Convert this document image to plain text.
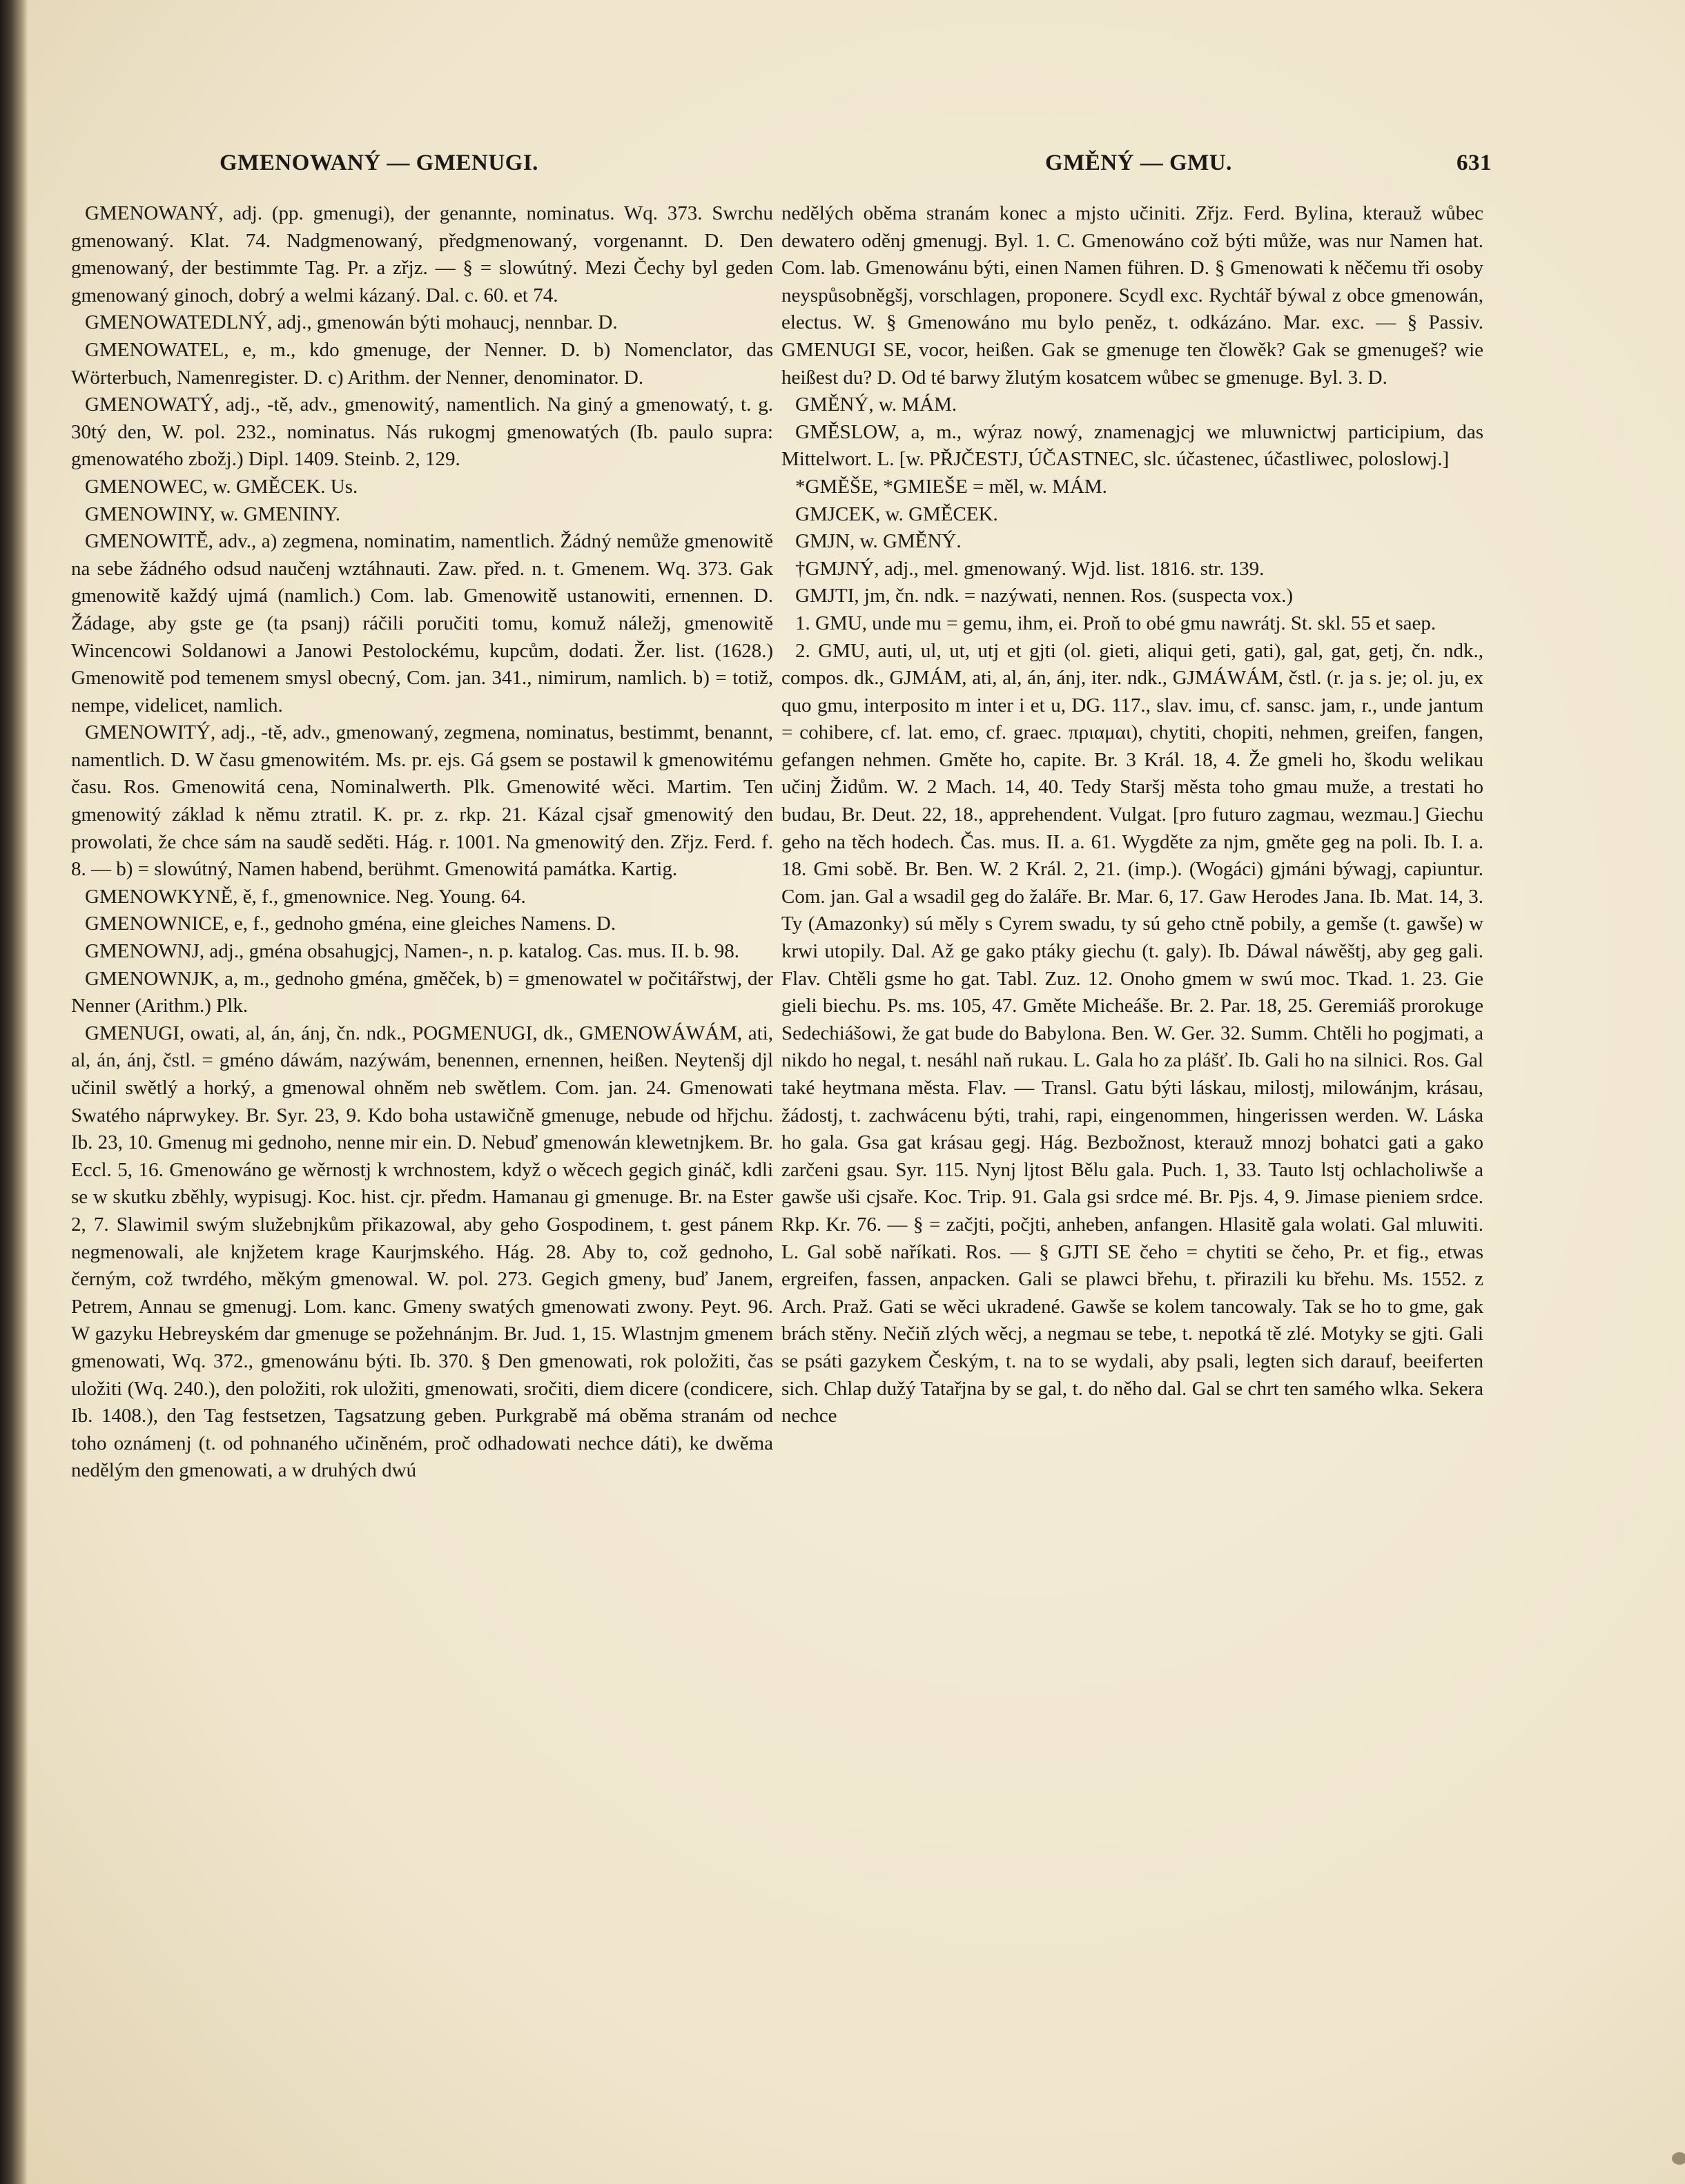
GMENOWANÝ — GMENUGI.	GMĚNÝ — GMU.	631

GMENOWANÝ, adj. (pp. gmenugi), der genannte, nominatus. Wq. 373. Swrchu gmenowaný. Klat. 74. Nadgmenowaný, předgmenowaný, vorgenannt. D. Den gmenowaný, der bestimmte Tag. Pr. a zřjz. — § = slowútný. Mezi Čechy byl geden gmenowaný ginoch, dobrý a welmi kázaný. Dal. c. 60. et 74.

GMENOWATEDLNÝ, adj., gmenowán býti mohaucj, nennbar. D.

GMENOWATEL, e, m., kdo gmenuge, der Nenner. D. b) Nomenclator, das Wörterbuch, Namenregister. D. c) Arithm. der Nenner, denominator. D.

GMENOWATÝ, adj., -tě, adv., gmenowitý, namentlich. Na giný a gmenowatý, t. g. 30tý den, W. pol. 232., nominatus. Nás rukogmj gmenowatých (Ib. paulo supra: gmenowatého zbožj.) Dipl. 1409. Steinb. 2, 129.

GMENOWEC, w. GMĚCEK. Us.

GMENOWINY, w. GMENINY.

GMENOWITĚ, adv., a) zegmena, nominatim, namentlich. Žádný nemůže gmenowitě na sebe žádného odsud naučenj wztáhnauti. Zaw. před. n. t. Gmenem. Wq. 373. Gak gmenowitě každý ujmá (namlich.) Com. lab. Gmenowitě ustanowiti, ernennen. D. Žádage, aby gste ge (ta psanj) ráčili poručiti tomu, komuž náležj, gmenowitě Wincencowi Soldanowi a Janowi Pestolockému, kupcům, dodati. Žer. list. (1628.) Gmenowitě pod temenem smysl obecný, Com. jan. 341., nimirum, namlich. b) = totiž, nempe, videlicet, namlich.

GMENOWITÝ, adj., -tě, adv., gmenowaný, zegmena, nominatus, bestimmt, benannt, namentlich. D. W času gmenowitém. Ms. pr. ejs. Gá gsem se postawil k gmenowitému času. Ros. Gmenowitá cena, Nominalwerth. Plk. Gmenowité wěci. Martim. Ten gmenowitý základ k němu ztratil. K. pr. z. rkp. 21. Kázal cjsař gmenowitý den prowolati, že chce sám na saudě seděti. Hág. r. 1001. Na gmenowitý den. Zřjz. Ferd. f. 8. — b) = slowútný, Namen habend, berühmt. Gmenowitá památka. Kartig.

GMENOWKYNĚ, ě, f., gmenownice. Neg. Young. 64.

GMENOWNICE, e, f., gednoho gména, eine gleiches Namens. D.

GMENOWNJ, adj., gména obsahugjcj, Namen-, n. p. katalog. Cas. mus. II. b. 98.

GMENOWNJK, a, m., gednoho gména, gměček, b) = gmenowatel w počitářstwj, der Nenner (Arithm.) Plk.

GMENUGI, owati, al, án, ánj, čn. ndk., POGMENUGI, dk., GMENOWÁWÁM, ati, al, án, ánj, čstl. = gméno dáwám, nazýwám, benennen, ernennen, heißen. Neytenšj djl učinil swětlý a horký, a gmenowal ohněm neb swětlem. Com. jan. 24. Gmenowati Swatého náprwykey. Br. Syr. 23, 9. Kdo boha ustawičně gmenuge, nebude od hřjchu. Ib. 23, 10. Gmenug mi gednoho, nenne mir ein. D. Nebuď gmenowán klewetnjkem. Br. Eccl. 5, 16. Gmenowáno ge wěrnostj k wrchnostem, když o wěcech gegich gináč, kdli se w skutku zběhly, wypisugj. Koc. hist. cjr. předm. Hamanau gi gmenuge. Br. na Ester 2, 7. Slawimil swým služebnjkům přikazowal, aby geho Gospodinem, t. gest pánem negmenowali, ale knjžetem krage Kaurjmského. Hág. 28. Aby to, což gednoho, černým, což twrdého, měkým gmenowal. W. pol. 273. Gegich gmeny, buď Janem, Petrem, Annau se gmenugj. Lom. kanc. Gmeny swatých gmenowati zwony. Peyt. 96. W gazyku Hebreyském dar gmenuge se požehnánjm. Br. Jud. 1, 15. Wlastnjm gmenem gmenowati, Wq. 372., gmenowánu býti. Ib. 370. § Den gmenowati, rok položiti, čas uložiti (Wq. 240.), den položiti, rok uložiti, gmenowati, sročiti, diem dicere (condicere, Ib. 1408.), den Tag festsetzen, Tagsatzung geben. Purkgrabě má oběma stranám od toho oznámenj (t. od pohnaného učiněném, proč odhadowati nechce dáti), ke dwěma nedělým den gmenowati, a w druhých dwú

nedělých oběma stranám konec a mjsto učiniti. Zřjz. Ferd. Bylina, kterauž wůbec dewatero oděnj gmenugj. Byl. 1. C. Gmenowáno což býti může, was nur Namen hat. Com. lab. Gmenowánu býti, einen Namen führen. D. § Gmenowati k něčemu tři osoby neyspůsobněgšj, vorschlagen, proponere. Scydl exc. Rychtář býwal z obce gmenowán, electus. W. § Gmenowáno mu bylo peněz, t. odkázáno. Mar. exc. — § Passiv. GMENUGI SE, vocor, heißen. Gak se gmenuge ten člowěk? Gak se gmenugeš? wie heißest du? D. Od té barwy žlutým kosatcem wůbec se gmenuge. Byl. 3. D.

GMĚNÝ, w. MÁM.

GMĚSLOW, a, m., wýraz nowý, znamenagjcj we mluwnictwj participium, das Mittelwort. L. [w. PŘJČESTJ, ÚČASTNEC, slc. účastenec, účastliwec, poloslowj.]

*GMĚŠE, *GMIEŠE = měl, w. MÁM.

GMJCEK, w. GMĚCEK.

GMJN, w. GMĚNÝ.

†GMJNÝ, adj., mel. gmenowaný. Wjd. list. 1816. str. 139.

GMJTI, jm, čn. ndk. = nazýwati, nennen. Ros. (suspecta vox.)

1. GMU, unde mu = gemu, ihm, ei. Proň to obé gmu nawrátj. St. skl. 55 et saep.

2. GMU, auti, ul, ut, utj et gjti (ol. gieti, aliqui geti, gati), gal, gat, getj, čn. ndk., compos. dk., GJMÁM, ati, al, án, ánj, iter. ndk., GJMÁWÁM, čstl. (r. ja s. je; ol. ju, ex quo gmu, interposito m inter i et u, DG. 117., slav. imu, cf. sansc. jam, r., unde jantum = cohibere, cf. lat. emo, cf. graec. πριαμαι), chytiti, chopiti, nehmen, greifen, fangen, gefangen nehmen. Gměte ho, capite. Br. 3 Král. 18, 4. Že gmeli ho, škodu welikau učinj Židům. W. 2 Mach. 14, 40. Tedy Staršj města toho gmau muže, a trestati ho budau, Br. Deut. 22, 18., apprehendent. Vulgat. [pro futuro zagmau, wezmau.] Giechu geho na těch hodech. Čas. mus. II. a. 61. Wygděte za njm, gměte geg na poli. Ib. I. a. 18. Gmi sobě. Br. Ben. W. 2 Král. 2, 21. (imp.). (Wogáci) gjmáni býwagj, capiuntur. Com. jan. Gal a wsadil geg do žaláře. Br. Mar. 6, 17. Gaw Herodes Jana. Ib. Mat. 14, 3. Ty (Amazonky) sú měly s Cyrem swadu, ty sú geho ctně pobily, a gemše (t. gawše) w krwi utopily. Dal. Až ge gako ptáky giechu (t. galy). Ib. Dáwal náwěštj, aby geg gali. Flav. Chtěli gsme ho gat. Tabl. Zuz. 12. Onoho gmem w swú moc. Tkad. 1. 23. Gie gieli biechu. Ps. ms. 105, 47. Gměte Micheáše. Br. 2. Par. 18, 25. Geremiáš prorokuge Sedechiášowi, že gat bude do Babylona. Ben. W. Ger. 32. Summ. Chtěli ho pogjmati, a nikdo ho negal, t. nesáhl naň rukau. L. Gala ho za plášť. Ib. Gali ho na silnici. Ros. Gal také heytmana města. Flav. — Transl. Gatu býti láskau, milostj, milowánjm, krásau, žádostj, t. zachwácenu býti, trahi, rapi, eingenommen, hingerissen werden. W. Láska ho gala. Gsa gat krásau gegj. Hág. Bezbožnost, kterauž mnozj bohatci gati a gako zarčeni gsau. Syr. 115. Nynj ljtost Bělu gala. Puch. 1, 33. Tauto lstj ochlacholiwše a gawše uši cjsaře. Koc. Trip. 91. Gala gsi srdce mé. Br. Pjs. 4, 9. Jimase pieniem srdce. Rkp. Kr. 76. — § = začjti, počjti, anheben, anfangen. Hlasitě gala wolati. Gal mluwiti. L. Gal sobě naříkati. Ros. — § GJTI SE čeho = chytiti se čeho, Pr. et fig., etwas ergreifen, fassen, anpacken. Gali se plawci břehu, t. přirazili ku břehu. Ms. 1552. z Arch. Praž. Gati se wěci ukradené. Gawše se kolem tancowaly. Tak se ho to gme, gak brách stěny. Nečiň zlých wěcj, a negmau se tebe, t. nepotká tě zlé. Motyky se gjti. Gali se psáti gazykem Českým, t. na to se wydali, aby psali, legten sich darauf, beeiferten sich. Chlap dužý Tatařjna by se gal, t. do něho dal. Gal se chrt ten samého wlka. Sekera nechce
